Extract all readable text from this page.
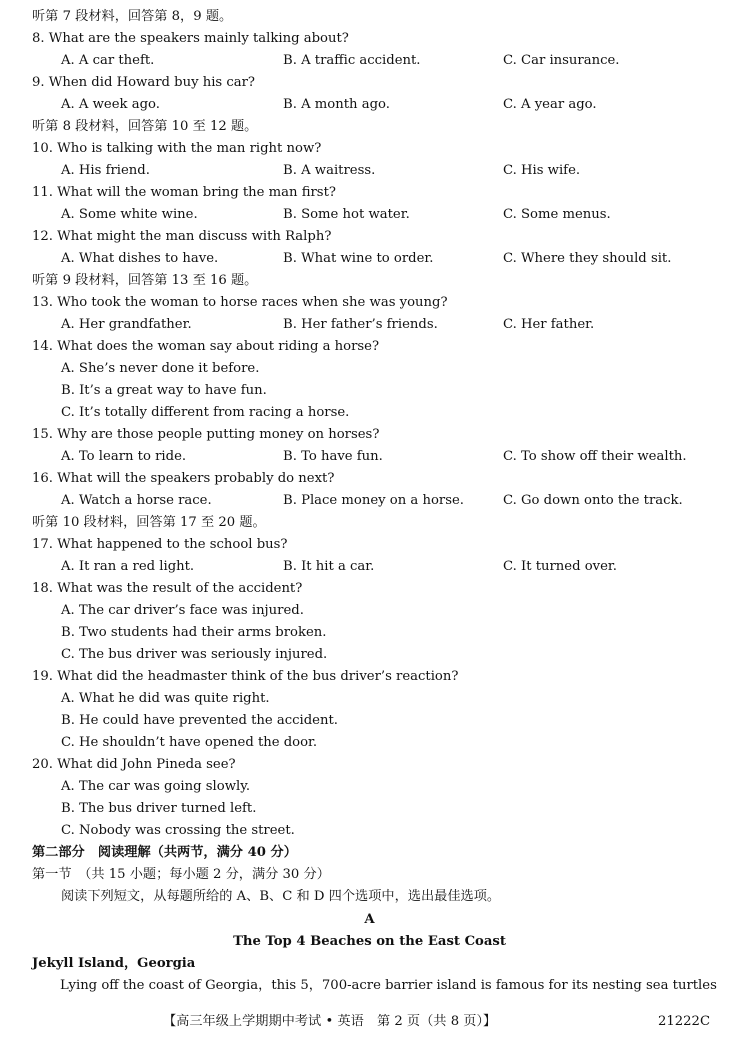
听第 7 段材料，回答第 8，9 题。
8. What are the speakers mainly talking about?
A. A car theft.	B. A traffic accident.	C. Car insurance.
9. When did Howard buy his car?
A. A week ago.	B. A month ago.	C. A year ago.
听第 8 段材料，回答第 10 至 12 题。
10. Who is talking with the man right now?
A. His friend.	B. A waitress.	C. His wife.
11. What will the woman bring the man first?
A. Some white wine.	B. Some hot water.	C. Some menus.
12. What might the man discuss with Ralph?
A. What dishes to have.	B. What wine to order.	C. Where they should sit.
听第 9 段材料，回答第 13 至 16 题。
13. Who took the woman to horse races when she was young?
A. Her grandfather.	B. Her father’s friends.	C. Her father.
14. What does the woman say about riding a horse?
A. She’s never done it before.
B. It’s a great way to have fun.
C. It’s totally different from racing a horse.
15. Why are those people putting money on horses?
A. To learn to ride.	B. To have fun.	C. To show off their wealth.
16. What will the speakers probably do next?
A. Watch a horse race.	B. Place money on a horse.	C. Go down onto the track.
听第 10 段材料，回答第 17 至 20 题。
17. What happened to the school bus?
A. It ran a red light.	B. It hit a car.	C. It turned over.
18. What was the result of the accident?
A. The car driver’s face was injured.
B. Two students had their arms broken.
C. The bus driver was seriously injured.
19. What did the headmaster think of the bus driver’s reaction?
A. What he did was quite right.
B. He could have prevented the accident.
C. He shouldn’t have opened the door.
20. What did John Pineda see?
A. The car was going slowly.
B. The bus driver turned left.
C. Nobody was crossing the street.
第二部分　阅读理解（共两节，满分 40 分）
第一节　（共 15 小题；每小题 2 分，满分 30 分）
阅读下列短文，从每题所给的 A、B、C 和 D 四个选项中，选出最佳选项。
A
The Top 4 Beaches on the East Coast
Jekyll Island，Georgia
Lying off the coast of Georgia，this 5，700-acre barrier island is famous for its nesting sea turtles
【高三年级上学期期中考试 • 英语　第 2 页（共 8 页）】	21222C
